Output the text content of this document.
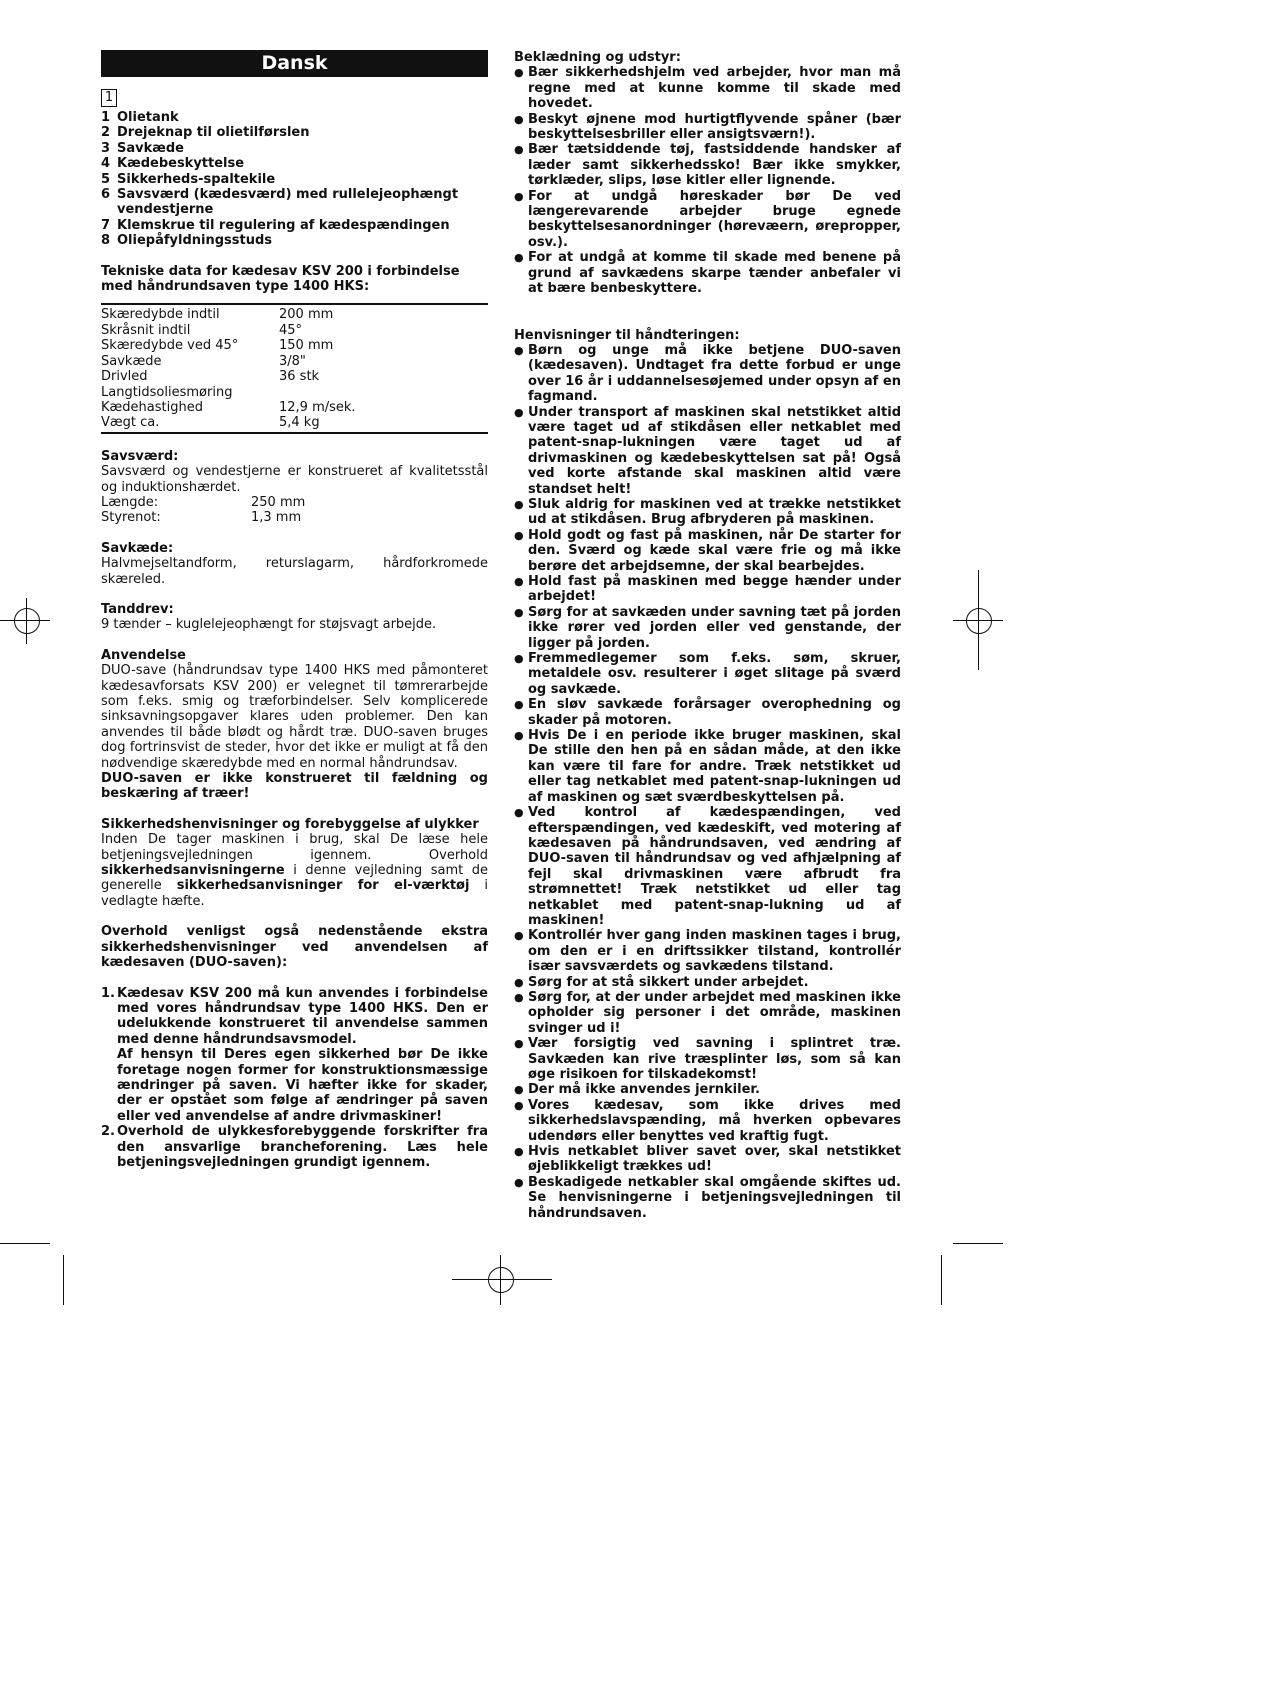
Dansk
1
1 Olietank
2 Drejeknap til olietilførslen
3 Savkæde
4 Kædebeskyttelse
5 Sikkerheds-spaltekile
6 Savsværd (kædesværd) med rullelejeophængt vendestjerne
7 Klemskrue til regulering af kædespændingen
8 Oliepåfyldningsstuds
Tekniske data for kædesav KSV 200 i forbindelse med håndrundsaven type 1400 HKS:
Skæredybde indtil	200 mm
Skråsnit indtil	45°
Skæredybde ved 45°	150 mm
Savkæde	3/8"
Drivled	36 stk
Langtidsoliesmøring
Kædehastighed	12,9 m/sek.
Vægt ca.	5,4 kg
Savsværd:
Savsværd og vendestjerne er konstrueret af kvalitetsstål og induktionshærdet.
Længde:	250 mm
Styrenot:	1,3 mm
Savkæde:
Halvmejseltandform, returslagarm, hårdforkromede skæreled.
Tanddrev:
9 tænder – kuglelejeophængt for støjsvagt arbejde.
Anvendelse
DUO-save (håndrundsav type 1400 HKS med påmonteret kædesavforsats KSV 200) er velegnet til tømrerarbejde som f.eks. smig og træforbindelser. Selv komplicerede sinksavningsopgaver klares uden problemer. Den kan anvendes til både blødt og hårdt træ. DUO-saven bruges dog fortrinsvist de steder, hvor det ikke er muligt at få den nødvendige skæredybde med en normal håndrundsav.
DUO-saven er ikke konstrueret til fældning og beskæring af træer!
Sikkerhedshenvisninger og forebyggelse af ulykker
Inden De tager maskinen i brug, skal De læse hele betjeningsvejledningen igennem. Overhold sikkerhedsanvisningerne i denne vejledning samt de generelle sikkerhedsanvisninger for el-værktøj i vedlagte hæfte.
Overhold venligst også nedenstående ekstra sikkerhedshenvisninger ved anvendelsen af kædesaven (DUO-saven):
1. Kædesav KSV 200 må kun anvendes i forbindelse med vores håndrundsav type 1400 HKS. Den er udelukkende konstrueret til anvendelse sammen med denne håndrundsavsmodel.
Af hensyn til Deres egen sikkerhed bør De ikke foretage nogen former for konstruktionsmæssige ændringer på saven. Vi hæfter ikke for skader, der er opstået som følge af ændringer på saven eller ved anvendelse af andre drivmaskiner!
2. Overhold de ulykkesforebyggende forskrifter fra den ansvarlige brancheforening. Læs hele betjeningsvejledningen grundigt igennem.
Beklædning og udstyr:
● Bær sikkerhedshjelm ved arbejder, hvor man må regne med at kunne komme til skade med hovedet.
● Beskyt øjnene mod hurtigtflyvende spåner (bær beskyttelsesbriller eller ansigtsværn!).
● Bær tætsiddende tøj, fastsiddende handsker af læder samt sikkerhedssko! Bær ikke smykker, tørklæder, slips, løse kitler eller lignende.
● For at undgå høreskader bør De ved længerevarende arbejder bruge egnede beskyttelsesanordninger (hørevæern, ørepropper, osv.).
● For at undgå at komme til skade med benene på grund af savkædens skarpe tænder anbefaler vi at bære benbeskyttere.
Henvisninger til håndteringen:
● Børn og unge må ikke betjene DUO-saven (kædesaven). Undtaget fra dette forbud er unge over 16 år i uddannelsesøjemed under opsyn af en fagmand.
● Under transport af maskinen skal netstikket altid være taget ud af stikdåsen eller netkablet med patent-snap-lukningen være taget ud af drivmaskinen og kædebeskyttelsen sat på! Også ved korte afstande skal maskinen altid være standset helt!
● Sluk aldrig for maskinen ved at trække netstikket ud at stikdåsen. Brug afbryderen på maskinen.
● Hold godt og fast på maskinen, når De starter for den. Sværd og kæde skal være frie og må ikke berøre det arbejdsemne, der skal bearbejdes.
● Hold fast på maskinen med begge hænder under arbejdet!
● Sørg for at savkæden under savning tæt på jorden ikke rører ved jorden eller ved genstande, der ligger på jorden.
● Fremmedlegemer som f.eks. søm, skruer, metaldele osv. resulterer i øget slitage på sværd og savkæde.
● En sløv savkæde forårsager overophedning og skader på motoren.
● Hvis De i en periode ikke bruger maskinen, skal De stille den hen på en sådan måde, at den ikke kan være til fare for andre. Træk netstikket ud eller tag netkablet med patent-snap-lukningen ud af maskinen og sæt sværdbeskyttelsen på.
● Ved kontrol af kædespændingen, ved efterspændingen, ved kædeskift, ved motering af kædesaven på håndrundsaven, ved ændring af DUO-saven til håndrundsav og ved afhjælpning af fejl skal drivmaskinen være afbrudt fra strømnettet! Træk netstikket ud eller tag netkablet med patent-snap-lukning ud af maskinen!
● Kontrollér hver gang inden maskinen tages i brug, om den er i en driftssikker tilstand, kontrollér især savsværdets og savkædens tilstand.
● Sørg for at stå sikkert under arbejdet.
● Sørg for, at der under arbejdet med maskinen ikke opholder sig personer i det område, maskinen svinger ud i!
● Vær forsigtig ved savning i splintret træ. Savkæden kan rive træsplinter løs, som så kan øge risikoen for tilskadekomst!
● Der må ikke anvendes jernkiler.
● Vores kædesav, som ikke drives med sikkerhedslavspænding, må hverken opbevares udendørs eller benyttes ved kraftig fugt.
● Hvis netkablet bliver savet over, skal netstikket øjeblikkeligt trækkes ud!
● Beskadigede netkabler skal omgående skiftes ud. Se henvisningerne i betjeningsvejledningen til håndrundsaven.
